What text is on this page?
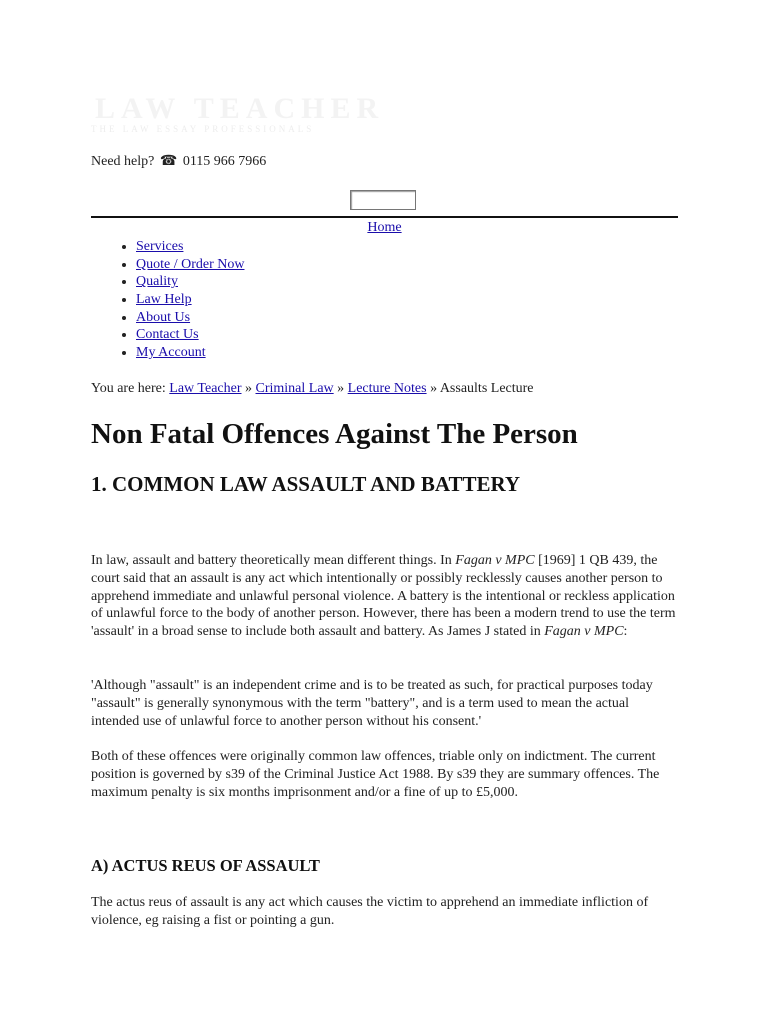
LAW TEACHER
THE LAW ESSAY PROFESSIONALS
Need help? ☎ 0115 966 7966
Home
• Services
• Quote / Order Now
• Quality
• Law Help
• About Us
• Contact Us
• My Account
You are here: Law Teacher » Criminal Law » Lecture Notes » Assaults Lecture
Non Fatal Offences Against The Person
1. COMMON LAW ASSAULT AND BATTERY

In law, assault and battery theoretically mean different things. In Fagan v MPC [1969] 1 QB 439, the court said that an assault is any act which intentionally or possibly recklessly causes another person to apprehend immediate and unlawful personal violence. A battery is the intentional or reckless application of unlawful force to the body of another person. However, there has been a modern trend to use the term 'assault' in a broad sense to include both assault and battery. As James J stated in Fagan v MPC:

'Although "assault" is an independent crime and is to be treated as such, for practical purposes today "assault" is generally synonymous with the term "battery", and is a term used to mean the actual intended use of unlawful force to another person without his consent.'

Both of these offences were originally common law offences, triable only on indictment. The current position is governed by s39 of the Criminal Justice Act 1988. By s39 they are summary offences. The maximum penalty is six months imprisonment and/or a fine of up to £5,000.

A) ACTUS REUS OF ASSAULT

The actus reus of assault is any act which causes the victim to apprehend an immediate infliction of violence, eg raising a fist or pointing a gun.
